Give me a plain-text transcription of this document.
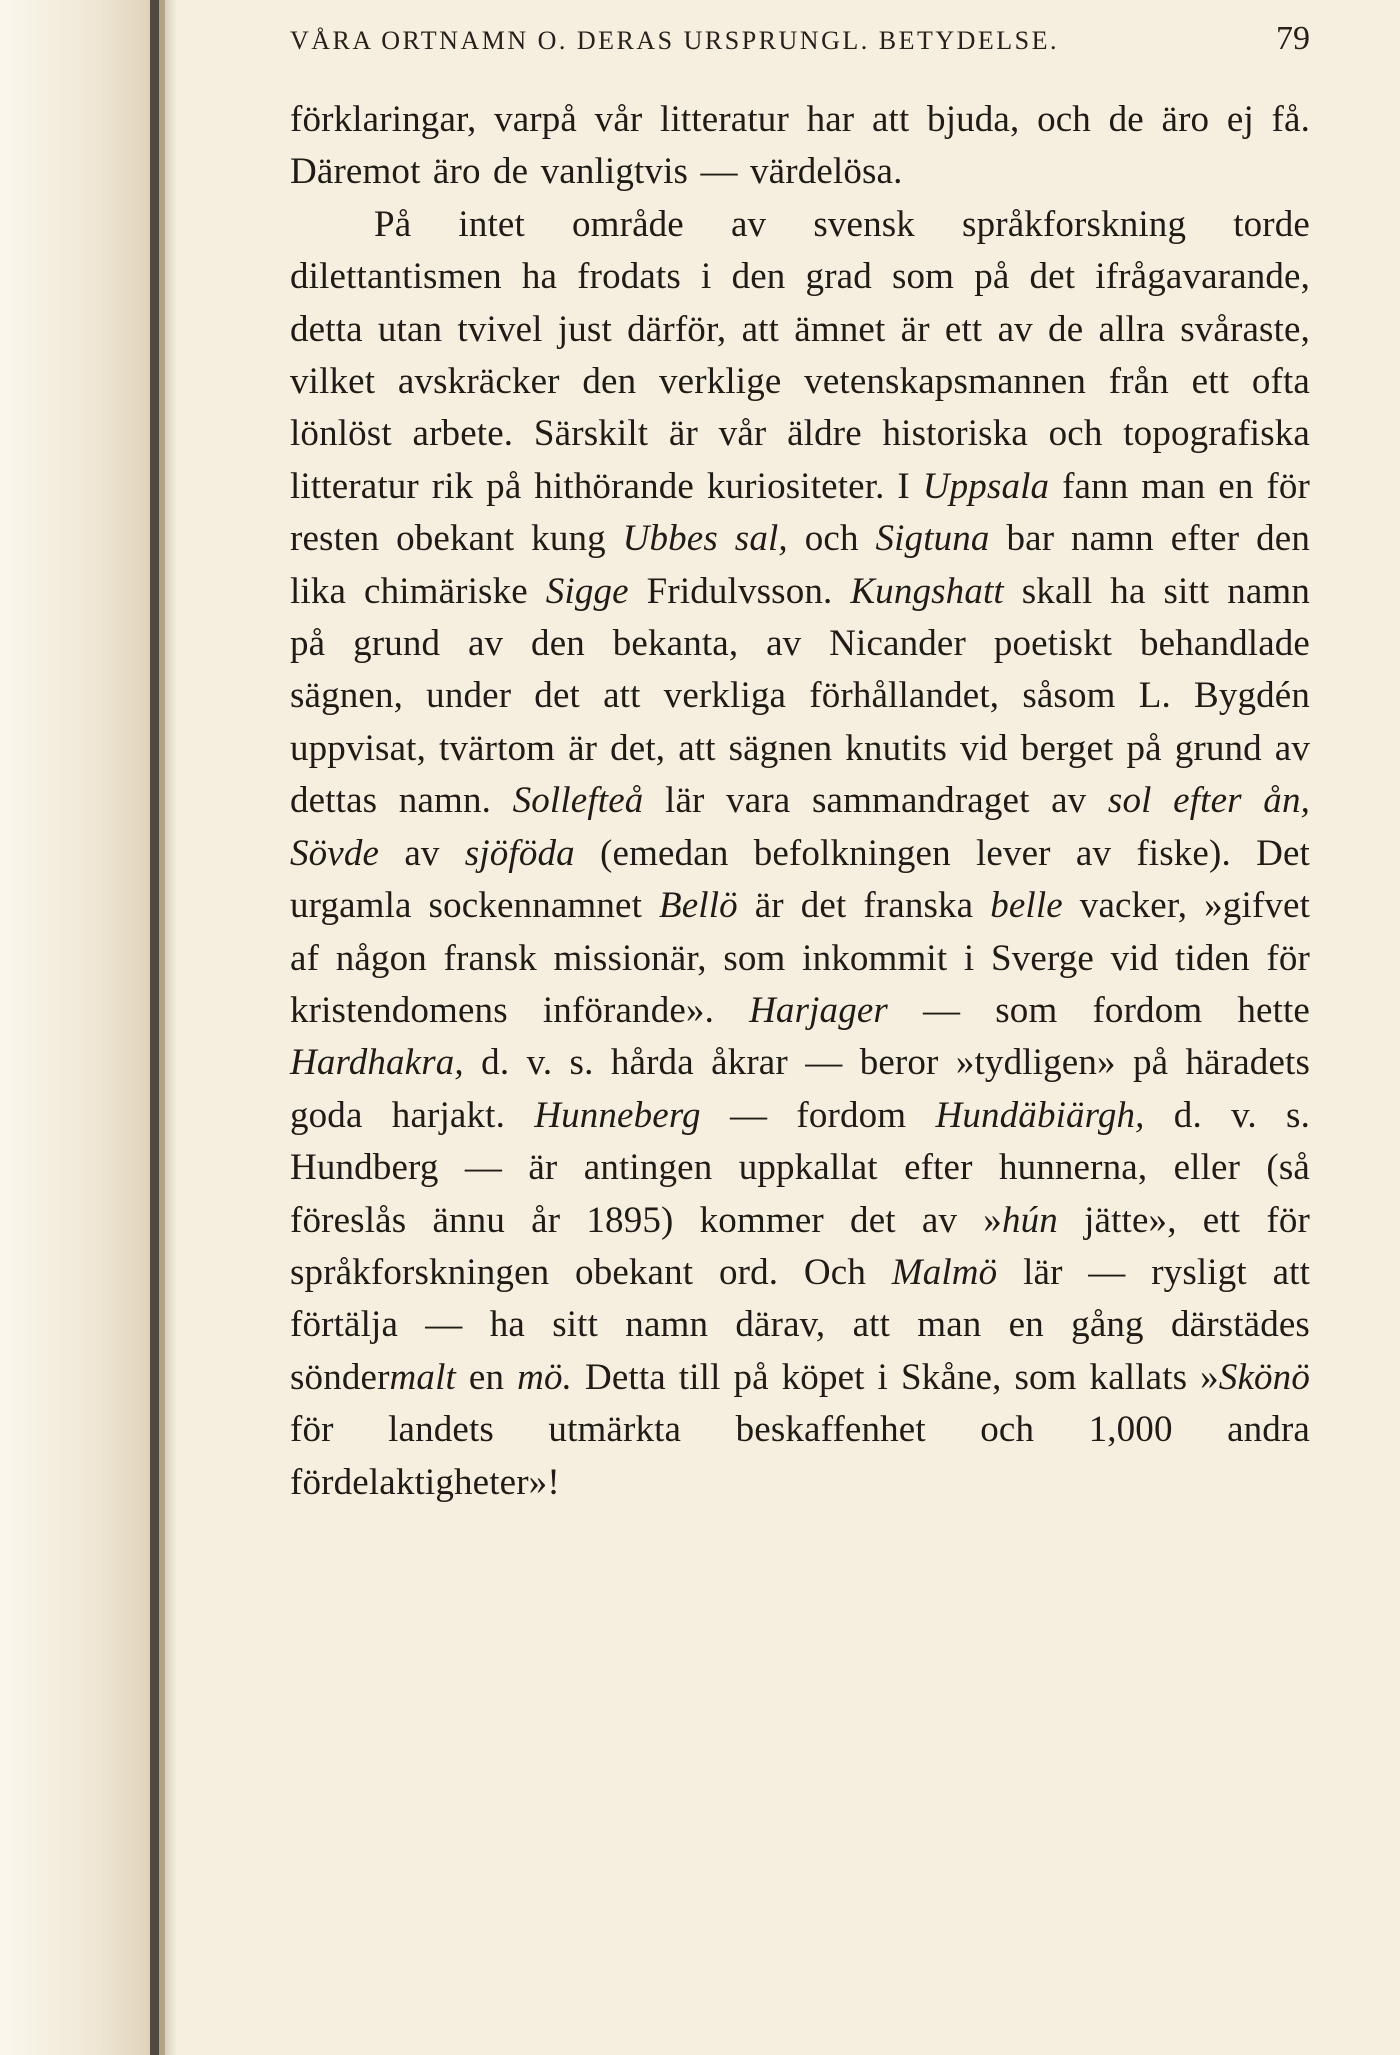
VÅRA ORTNAMN O. DERAS URSPRUNGL. BETYDELSE.	79

förklaringar, varpå vår litteratur har att bjuda, och de äro ej få. Däremot äro de vanligtvis — värdelösa.

På intet område av svensk språkforskning torde dilettantismen ha frodats i den grad som på det ifrågavarande, detta utan tvivel just därför, att ämnet är ett av de allra svåraste, vilket avskräcker den verklige vetenskapsmannen från ett ofta lönlöst arbete. Särskilt är vår äldre historiska och topografiska litteratur rik på hithörande kuriositeter. I Uppsala fann man en för resten obekant kung Ubbes sal, och Sigtuna bar namn efter den lika chimäriske Sigge Fridulvsson. Kungshatt skall ha sitt namn på grund av den bekanta, av Nicander poetiskt behandlade sägnen, under det att verkliga förhållandet, såsom L. Bygdén uppvisat, tvärtom är det, att sägnen knutits vid berget på grund av dettas namn. Sollefteå lär vara sammandraget av sol efter ån, Sövde av sjöföda (emedan befolkningen lever av fiske). Det urgamla sockennamnet Bellö är det franska belle vacker, »gifvet af någon fransk missionär, som inkommit i Sverge vid tiden för kristendomens införande». Harjager — som fordom hette Hardhakra, d. v. s. hårda åkrar — beror »tydligen» på häradets goda harjakt. Hunneberg — fordom Hundäbiärgh, d. v. s. Hundberg — är antingen uppkallat efter hunnerna, eller (så föreslås ännu år 1895) kommer det av »hún jätte», ett för språkforskningen obekant ord. Och Malmö lär — rysligt att förtälja — ha sitt namn därav, att man en gång därstädes söndermalt en mö. Detta till på köpet i Skåne, som kallats »Skönö för landets utmärkta beskaffenhet och 1,000 andra fördelaktigheter»!
